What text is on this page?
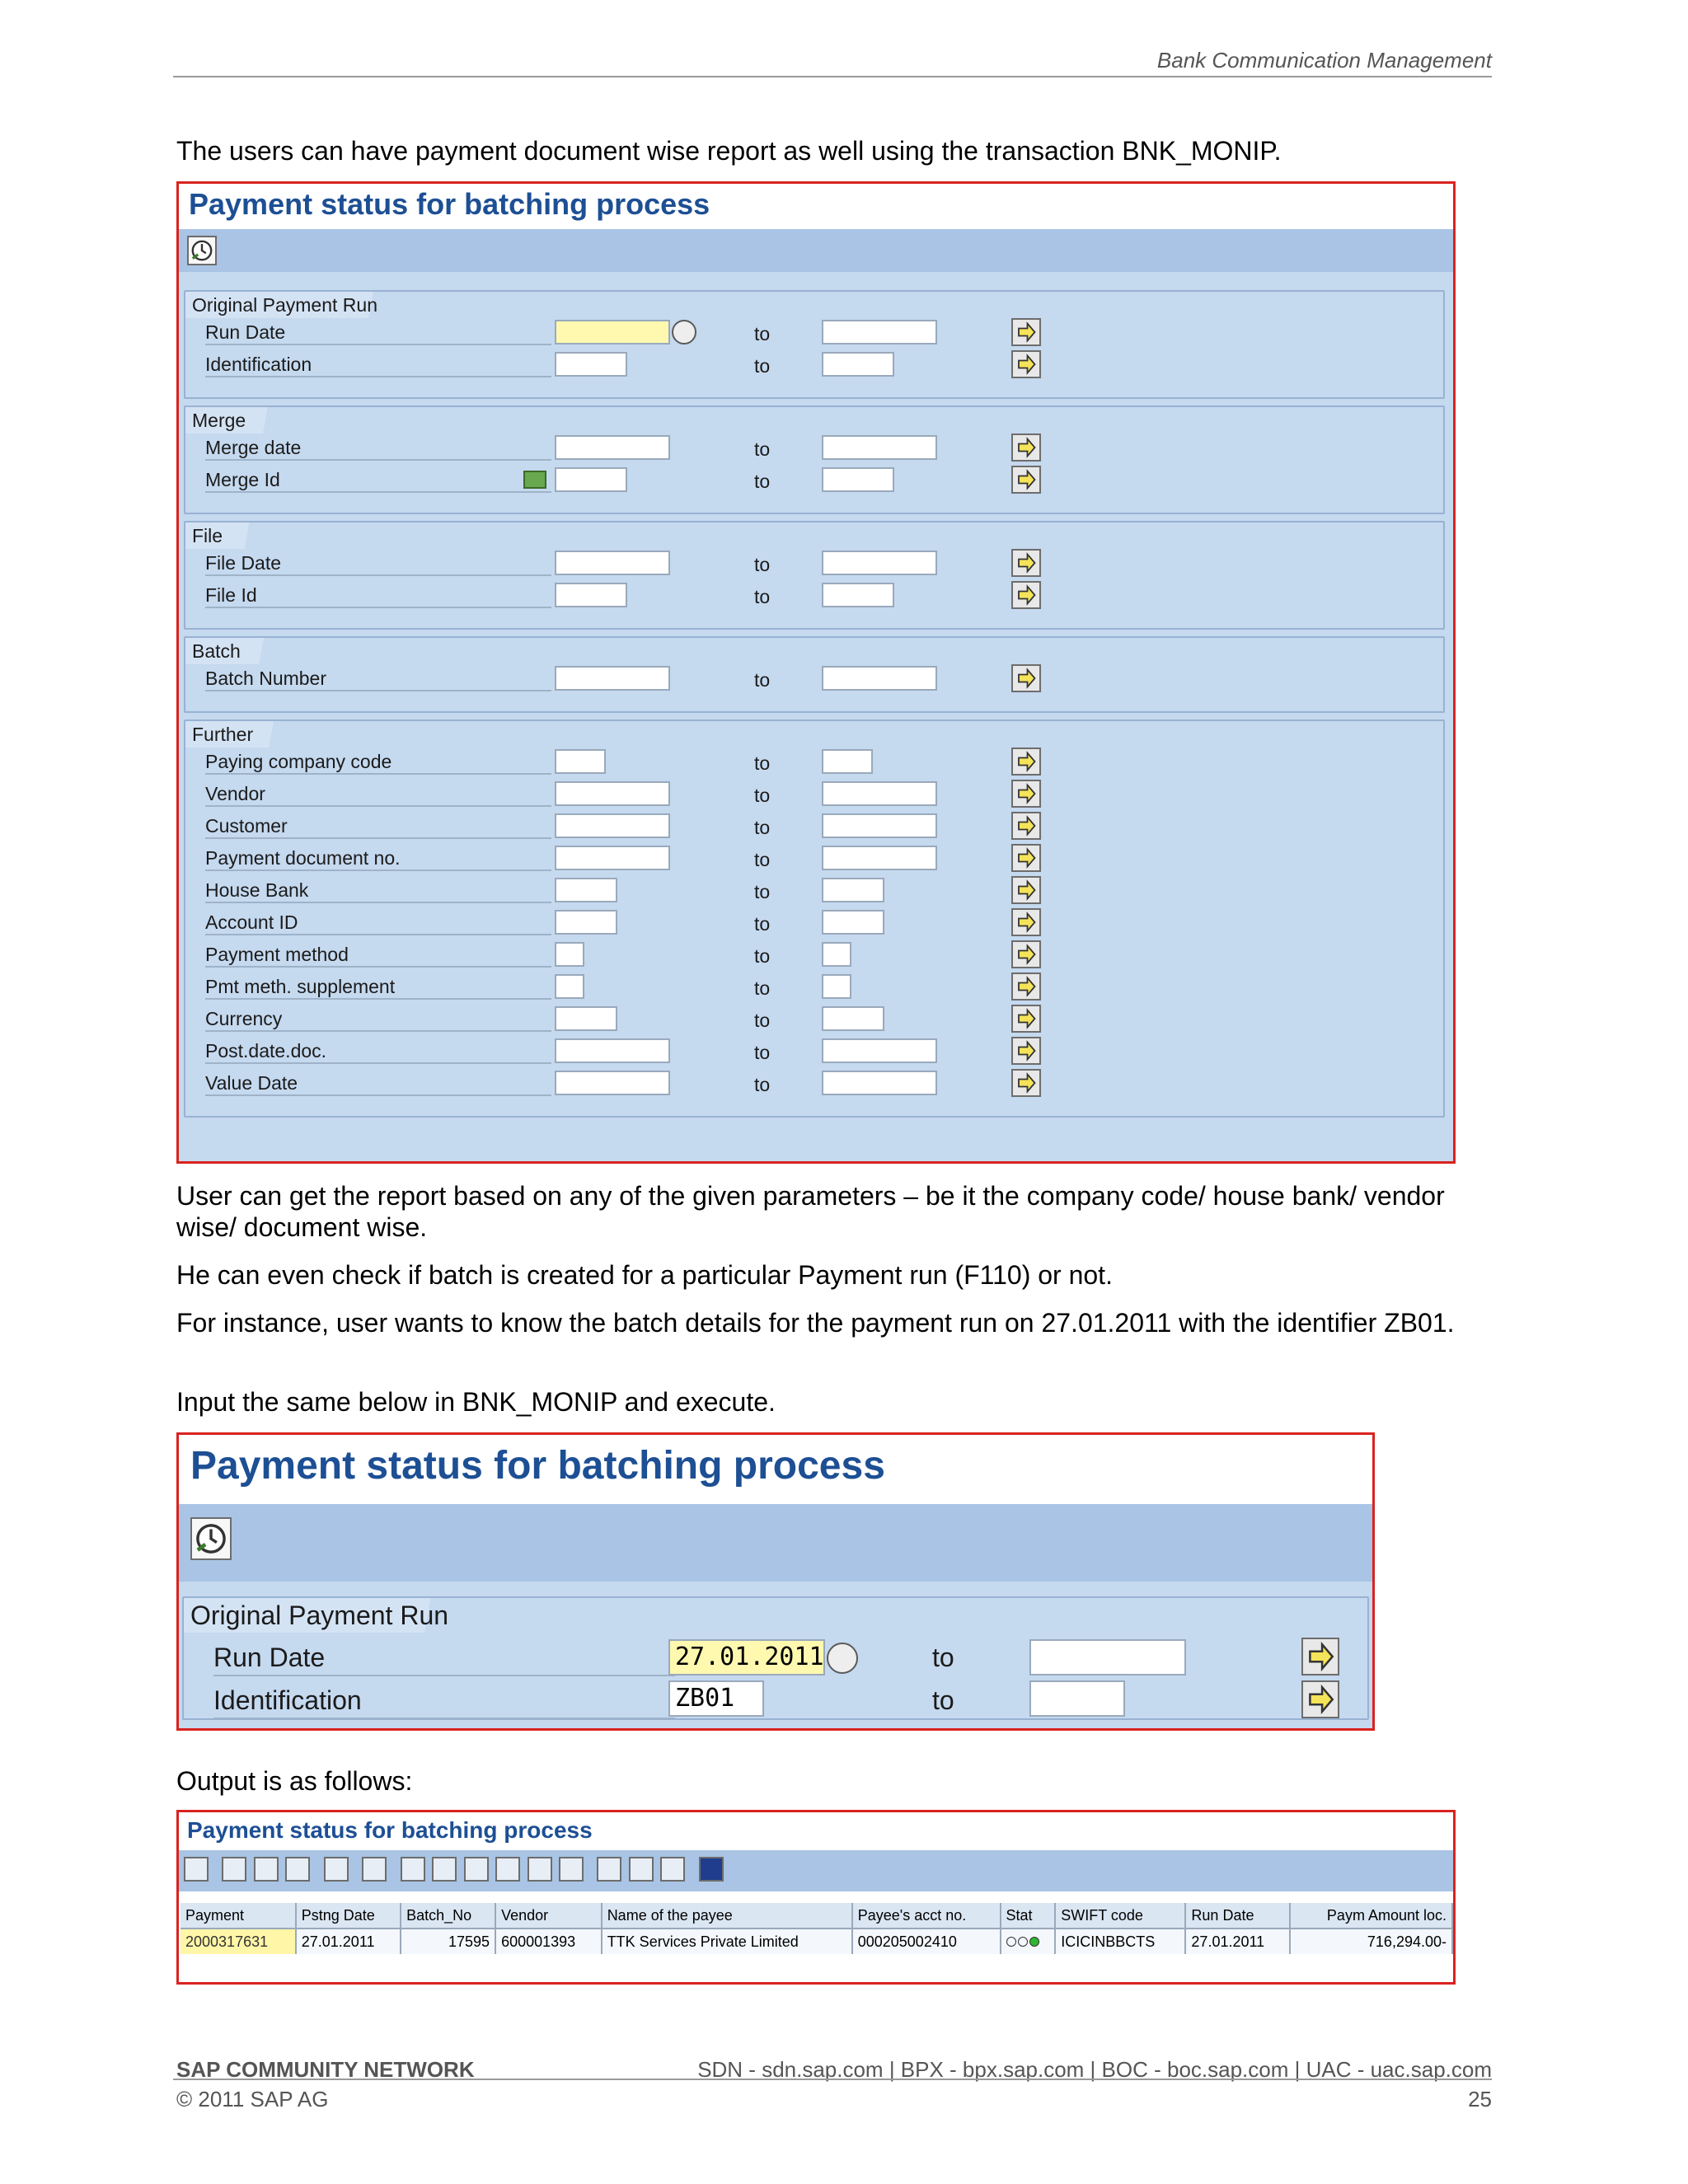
Bank Communication Management
The users can have payment document wise report as well using the transaction BNK_MONIP.
Payment status for batching process
Original Payment Run
Run Date	to
Identification	to
Merge
Merge date	to
Merge Id	to
File
File Date	to
File Id	to
Batch
Batch Number	to
Further
Paying company code	to
Vendor	to
Customer	to
Payment document no.	to
House Bank	to
Account ID	to
Payment method	to
Pmt meth. supplement	to
Currency	to
Post.date.doc.	to
Value Date	to
User can get the report based on any of the given parameters – be it the company code/ house bank/ vendor wise/ document wise.
He can even check if batch is created for a particular Payment run (F110) or not.
For instance, user wants to know the batch details for the payment run on 27.01.2011 with the identifier ZB01.
Input the same below in BNK_MONIP and execute.
Payment status for batching process
Original Payment Run
Run Date	27.01.2011	to
Identification	ZB01	to
Output is as follows:
Payment status for batching process

Payment	Pstng Date	Batch_No	Vendor	Name of the payee	Payee's acct no.	Stat	SWIFT code	Run Date	Paym Amount loc.
2000317631	27.01.2011	17595	600001393	TTK Services Private Limited	000205002410		ICICINBBCTS	27.01.2011	716,294.00-
SAP COMMUNITY NETWORK	SDN - sdn.sap.com | BPX - bpx.sap.com | BOC - boc.sap.com | UAC - uac.sap.com
© 2011 SAP AG	25
